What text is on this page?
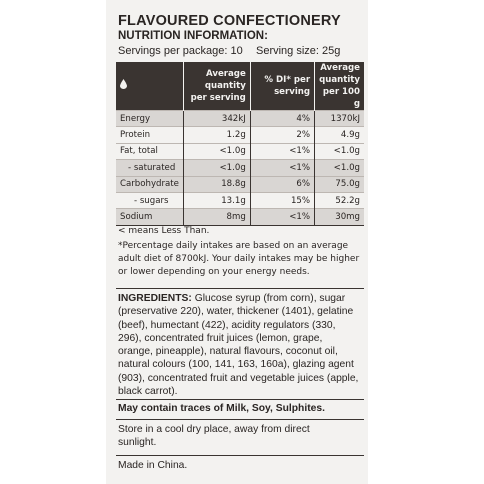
FLAVOURED CONFECTIONERY
NUTRITION INFORMATION:
Servings per package: 10 Serving size: 25g
	Average quantity per serving	% DI* per serving	Average quantity per 100 g
Energy	342kJ	4%	1370kJ
Protein	1.2g	2%	4.9g
Fat, total	<1.0g	<1%	<1.0g
- saturated	<1.0g	<1%	<1.0g
Carbohydrate	18.8g	6%	75.0g
- sugars	13.1g	15%	52.2g
Sodium	8mg	<1%	30mg

< means Less Than.

*Percentage daily intakes are based on an average adult diet of 8700kJ. Your daily intakes may be higher or lower depending on your energy needs.

INGREDIENTS: Glucose syrup (from corn), sugar (preservative 220), water, thickener (1401), gelatine (beef), humectant (422), acidity regulators (330, 296), concentrated fruit juices (lemon, grape, orange, pineapple), natural flavours, coconut oil, natural colours (100, 141, 163, 160a), glazing agent (903), concentrated fruit and vegetable juices (apple, black carrot).
May contain traces of Milk, Soy, Sulphites.
Store in a cool dry place, away from direct sunlight.
Made in China.
